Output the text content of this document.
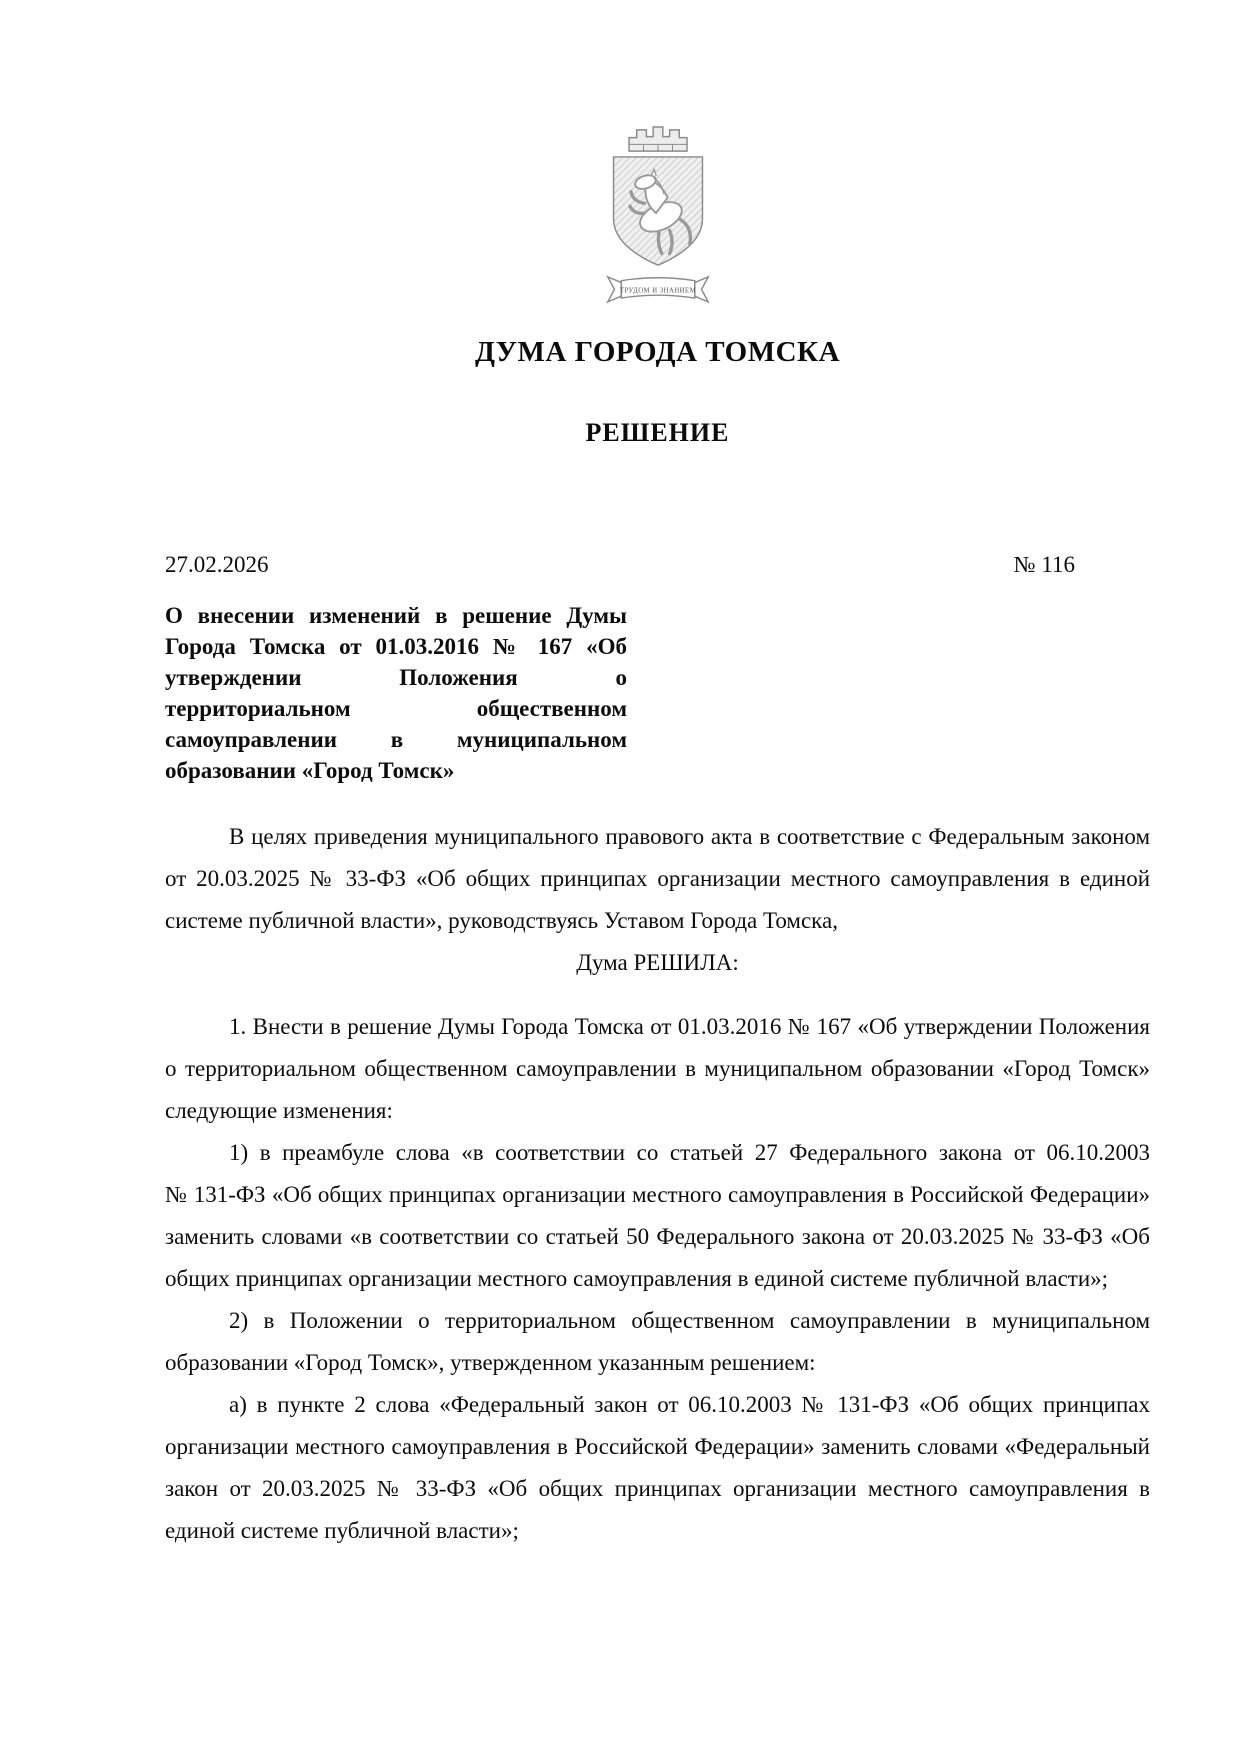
ТРУДОМ И ЗНАНИЕМ
ДУМА ГОРОДА ТОМСКА
РЕШЕНИЕ
27.02.2026	№ 116
О внесении изменений в решение Думы Города Томска от 01.03.2016 № 167 «Об утверждении Положения о территориальном общественном самоуправлении в муниципальном образовании «Город Томск»

В целях приведения муниципального правового акта в соответствие с Федеральным законом от 20.03.2025 № 33-ФЗ «Об общих принципах организации местного самоуправления в единой системе публичной власти», руководствуясь Уставом Города Томска,

Дума РЕШИЛА:

1. Внести в решение Думы Города Томска от 01.03.2016 № 167 «Об утверждении Положения о территориальном общественном самоуправлении в муниципальном образовании «Город Томск» следующие изменения:

1) в преамбуле слова «в соответствии со статьей 27 Федерального закона от 06.10.2003 № 131-ФЗ «Об общих принципах организации местного самоуправления в Российской Федерации» заменить словами «в соответствии со статьей 50 Федерального закона от 20.03.2025 № 33-ФЗ «Об общих принципах организации местного самоуправления в единой системе публичной власти»;

2) в Положении о территориальном общественном самоуправлении в муниципальном образовании «Город Томск», утвержденном указанным решением:

а) в пункте 2 слова «Федеральный закон от 06.10.2003 № 131-ФЗ «Об общих принципах организации местного самоуправления в Российской Федерации» заменить словами «Федеральный закон от 20.03.2025 № 33-ФЗ «Об общих принципах организации местного самоуправления в единой системе публичной власти»;
